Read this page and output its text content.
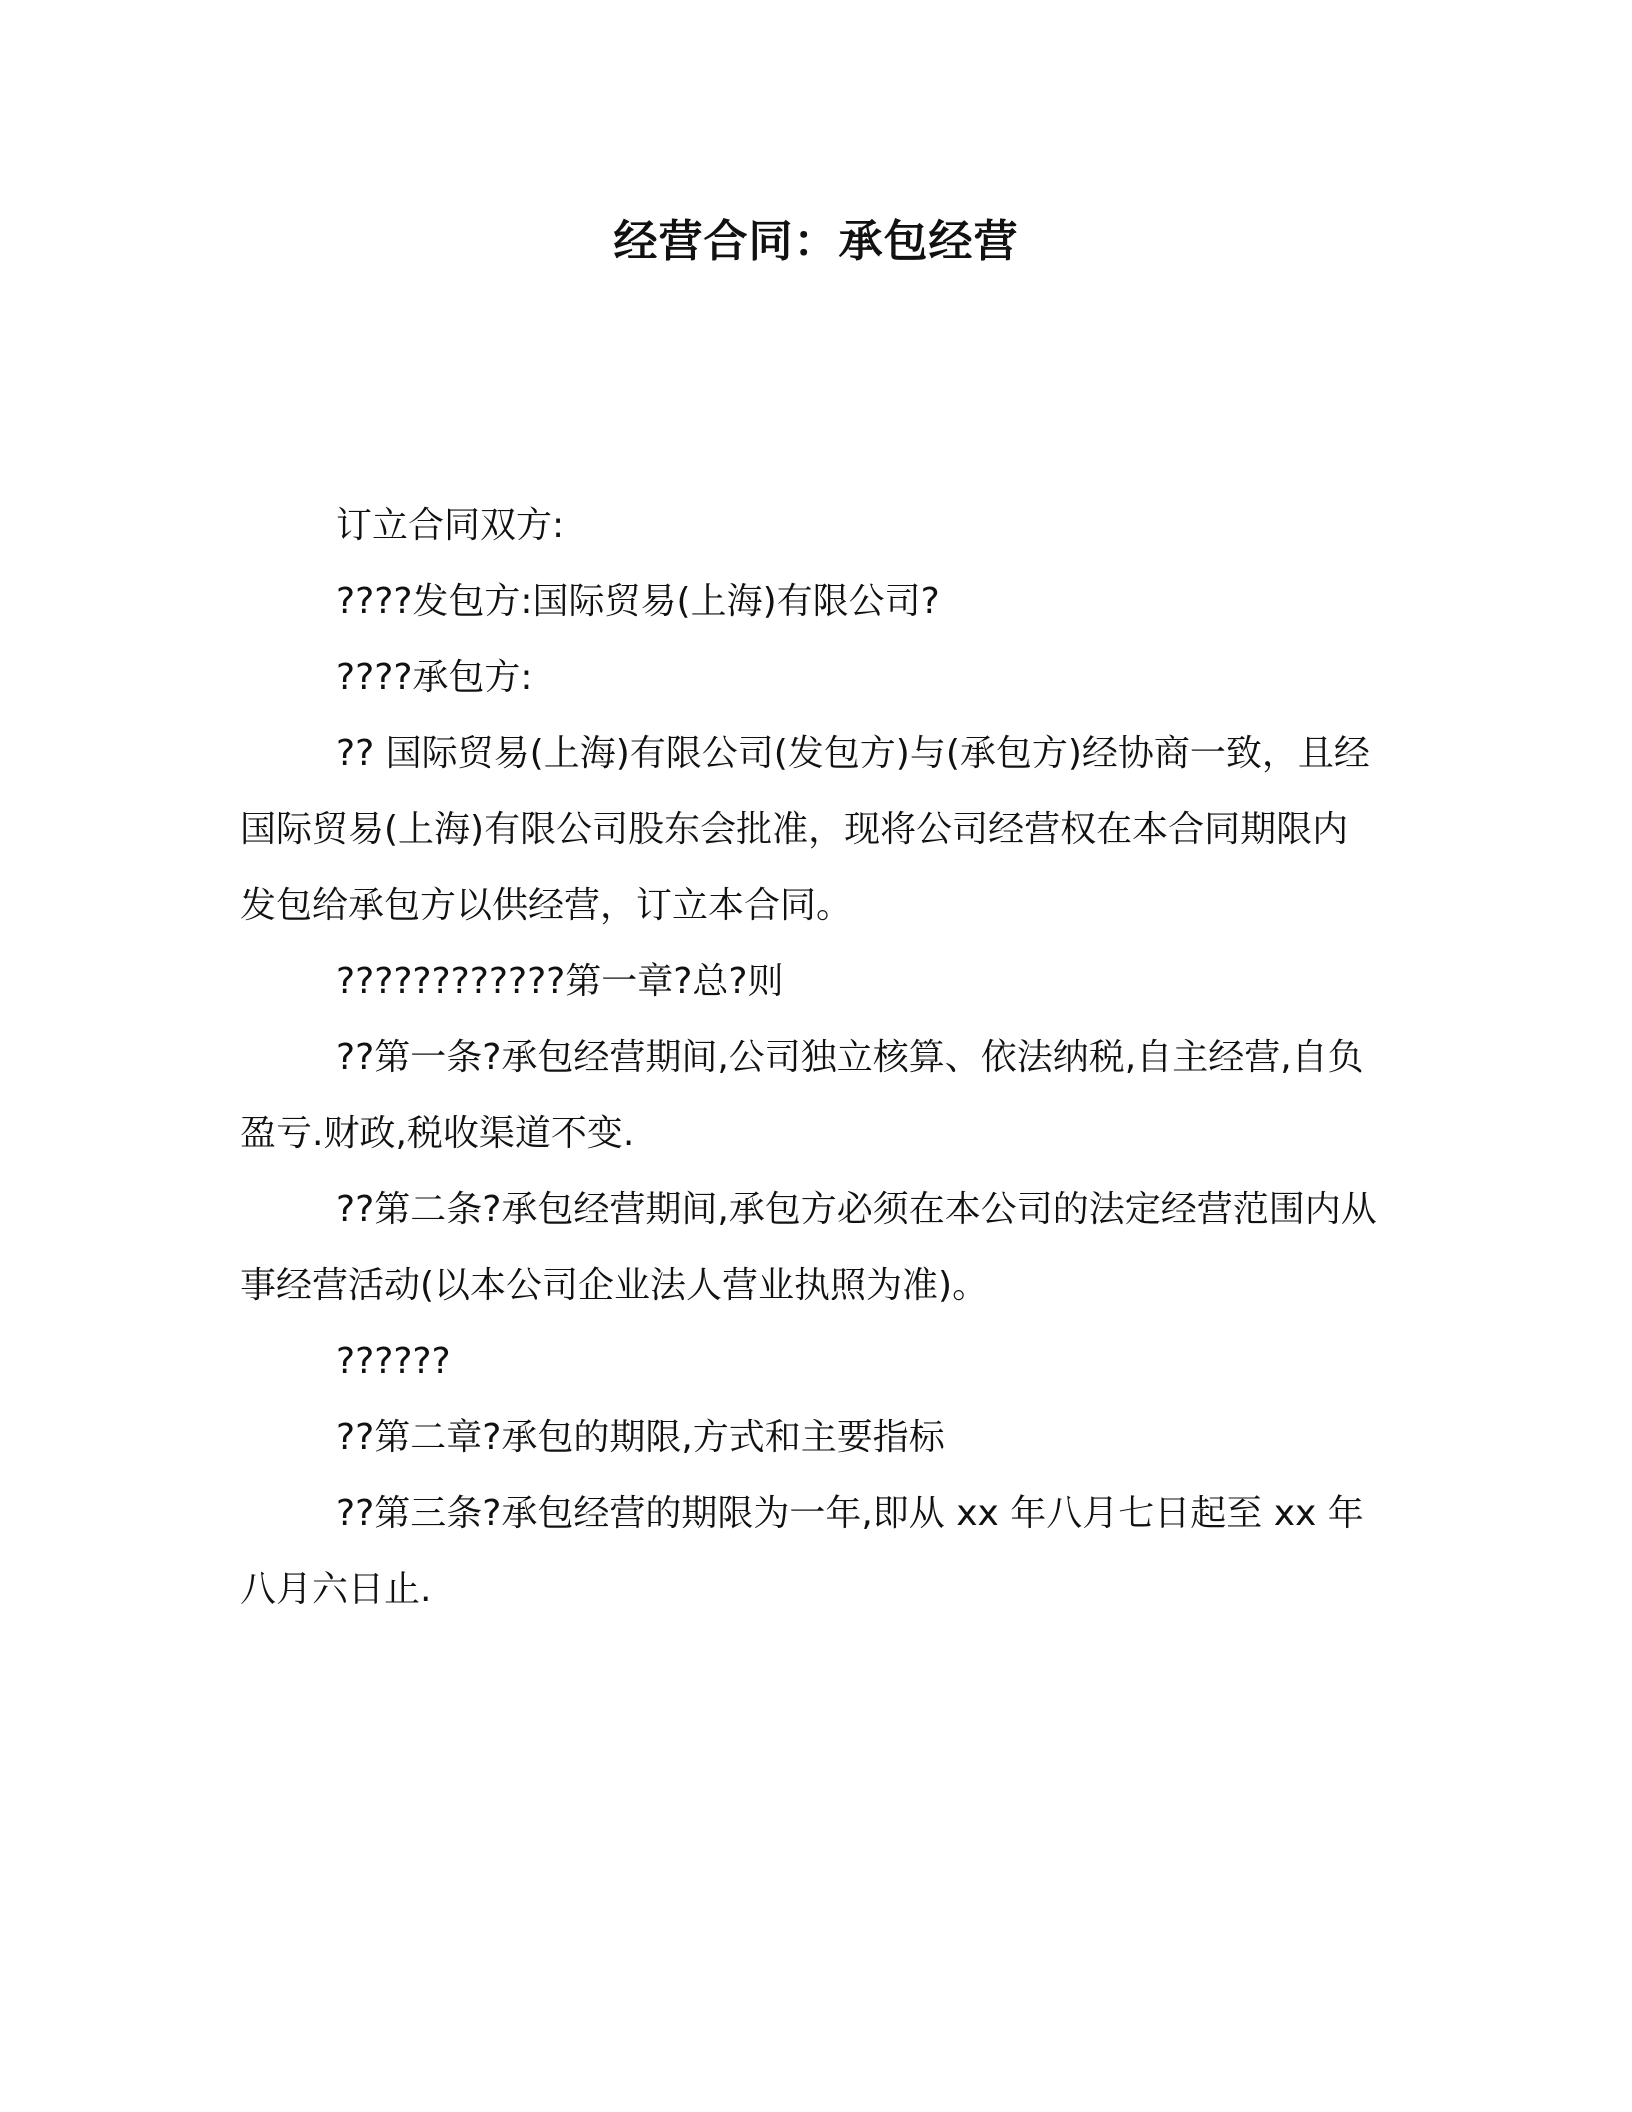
经营合同：承包经营

订立合同双方:

????发包方:国际贸易(上海)有限公司?

????承包方:

?? 国际贸易(上海)有限公司(发包方)与(承包方)经协商一致，且经国际贸易(上海)有限公司股东会批准，现将公司经营权在本合同期限内发包给承包方以供经营，订立本合同。

????????????第一章?总?则

??第一条?承包经营期间,公司独立核算、依法纳税,自主经营,自负盈亏.财政,税收渠道不变.

??第二条?承包经营期间,承包方必须在本公司的法定经营范围内从事经营活动(以本公司企业法人营业执照为准)。

??????

??第二章?承包的期限,方式和主要指标

??第三条?承包经营的期限为一年,即从 xx 年八月七日起至 xx 年八月六日止.
